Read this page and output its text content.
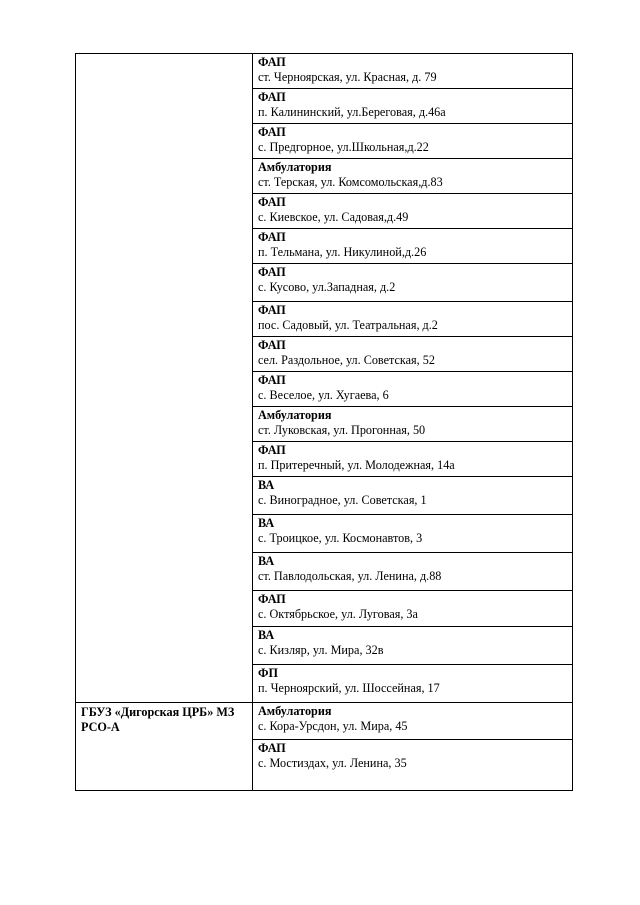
	ФАП
ст. Черноярская, ул. Красная, д. 79

	ФАП
п. Калининский, ул.Береговая, д.46а

	ФАП
с. Предгорное, ул.Школьная,д.22

	Амбулатория
ст. Терская, ул. Комсомольская,д.83

	ФАП
с. Киевское, ул. Садовая,д.49

	ФАП
п. Тельмана, ул. Никулиной,д.26

	ФАП
с. Кусово, ул.Западная, д.2

	ФАП
пос. Садовый, ул. Театральная, д.2

	ФАП
сел. Раздольное, ул. Советская, 52

	ФАП
с. Веселое, ул. Хугаева, 6

	Амбулатория
ст. Луковская, ул. Прогонная, 50

	ФАП
п. Притеречный, ул. Молодежная, 14а

	ВА
с. Виноградное, ул. Советская, 1

	ВА
с. Троицкое, ул. Космонавтов, 3

	ВА
ст. Павлодольская, ул. Ленина, д.88

	ФАП
с. Октябрьское, ул. Луговая, 3а

	ВА
с. Кизляр, ул. Мира, 32в

	ФП
п. Черноярский, ул. Шоссейная, 17

ГБУЗ «Дигорская ЦРБ» МЗ РСО-А	Амбулатория
с. Кора-Урсдон, ул. Мира, 45

	ФАП
с. Мостиздах, ул. Ленина, 35
